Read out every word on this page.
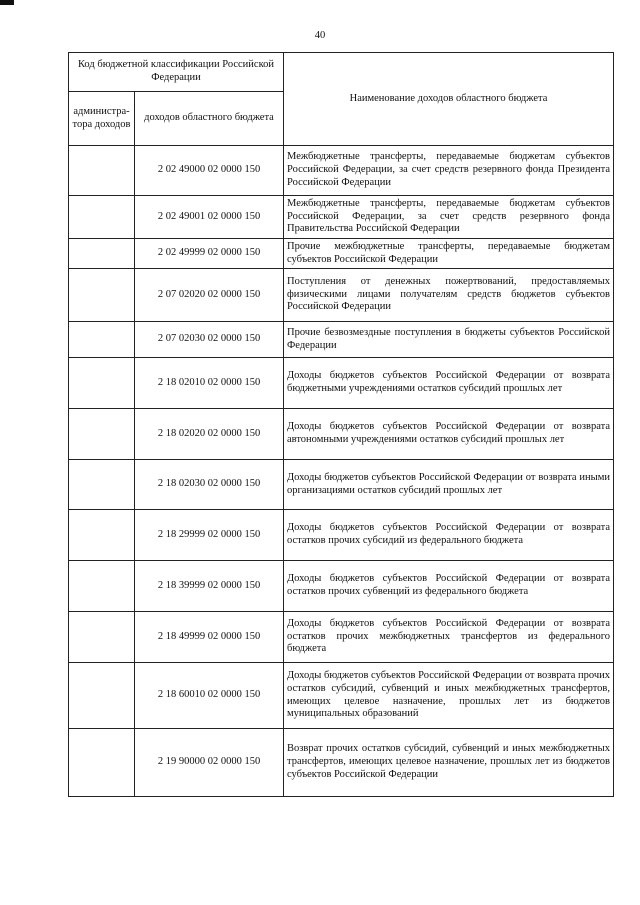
40
Код бюджетной классификации Российской Федерации		Наименование доходов областного бюджета
администра-тора доходов	доходов областного бюджета	
	2 02 49000 02 0000 150	Межбюджетные трансферты, передаваемые бюджетам субъектов Российской Федерации, за счет средств резервного фонда Президента Российской Федерации
	2 02 49001 02 0000 150	Межбюджетные трансферты, передаваемые бюджетам субъектов Российской Федерации, за счет средств резервного фонда Правительства Российской Федерации
	2 02 49999 02 0000 150	Прочие межбюджетные трансферты, передаваемые бюджетам субъектов Российской Федерации
	2 07 02020 02 0000 150	Поступления от денежных пожертвований, предоставляемых физическими лицами получателям средств бюджетов субъектов Российской Федерации
	2 07 02030 02 0000 150	Прочие безвозмездные поступления в бюджеты субъектов Российской Федерации
	2 18 02010 02 0000 150	Доходы бюджетов субъектов Российской Федерации от возврата бюджетными учреждениями остатков субсидий прошлых лет
	2 18 02020 02 0000 150	Доходы бюджетов субъектов Российской Федерации от возврата автономными учреждениями остатков субсидий прошлых лет
	2 18 02030 02 0000 150	Доходы бюджетов субъектов Российской Федерации от возврата иными организациями остатков субсидий прошлых лет
	2 18 29999 02 0000 150	Доходы бюджетов субъектов Российской Федерации от возврата остатков прочих субсидий из федерального бюджета
	2 18 39999 02 0000 150	Доходы бюджетов субъектов Российской Федерации от возврата остатков прочих субвенций из федерального бюджета
	2 18 49999 02 0000 150	Доходы бюджетов субъектов Российской Федерации от возврата остатков прочих межбюджетных трансфертов из федерального бюджета
	2 18 60010 02 0000 150	Доходы бюджетов субъектов Российской Федерации от возврата прочих остатков субсидий, субвенций и иных межбюджетных трансфертов, имеющих целевое назначение, прошлых лет из бюджетов муниципальных образований
	2 19 90000 02 0000 150	Возврат прочих остатков субсидий, субвенций и иных межбюджетных трансфертов, имеющих целевое назначение, прошлых лет из бюджетов субъектов Российской Федерации
